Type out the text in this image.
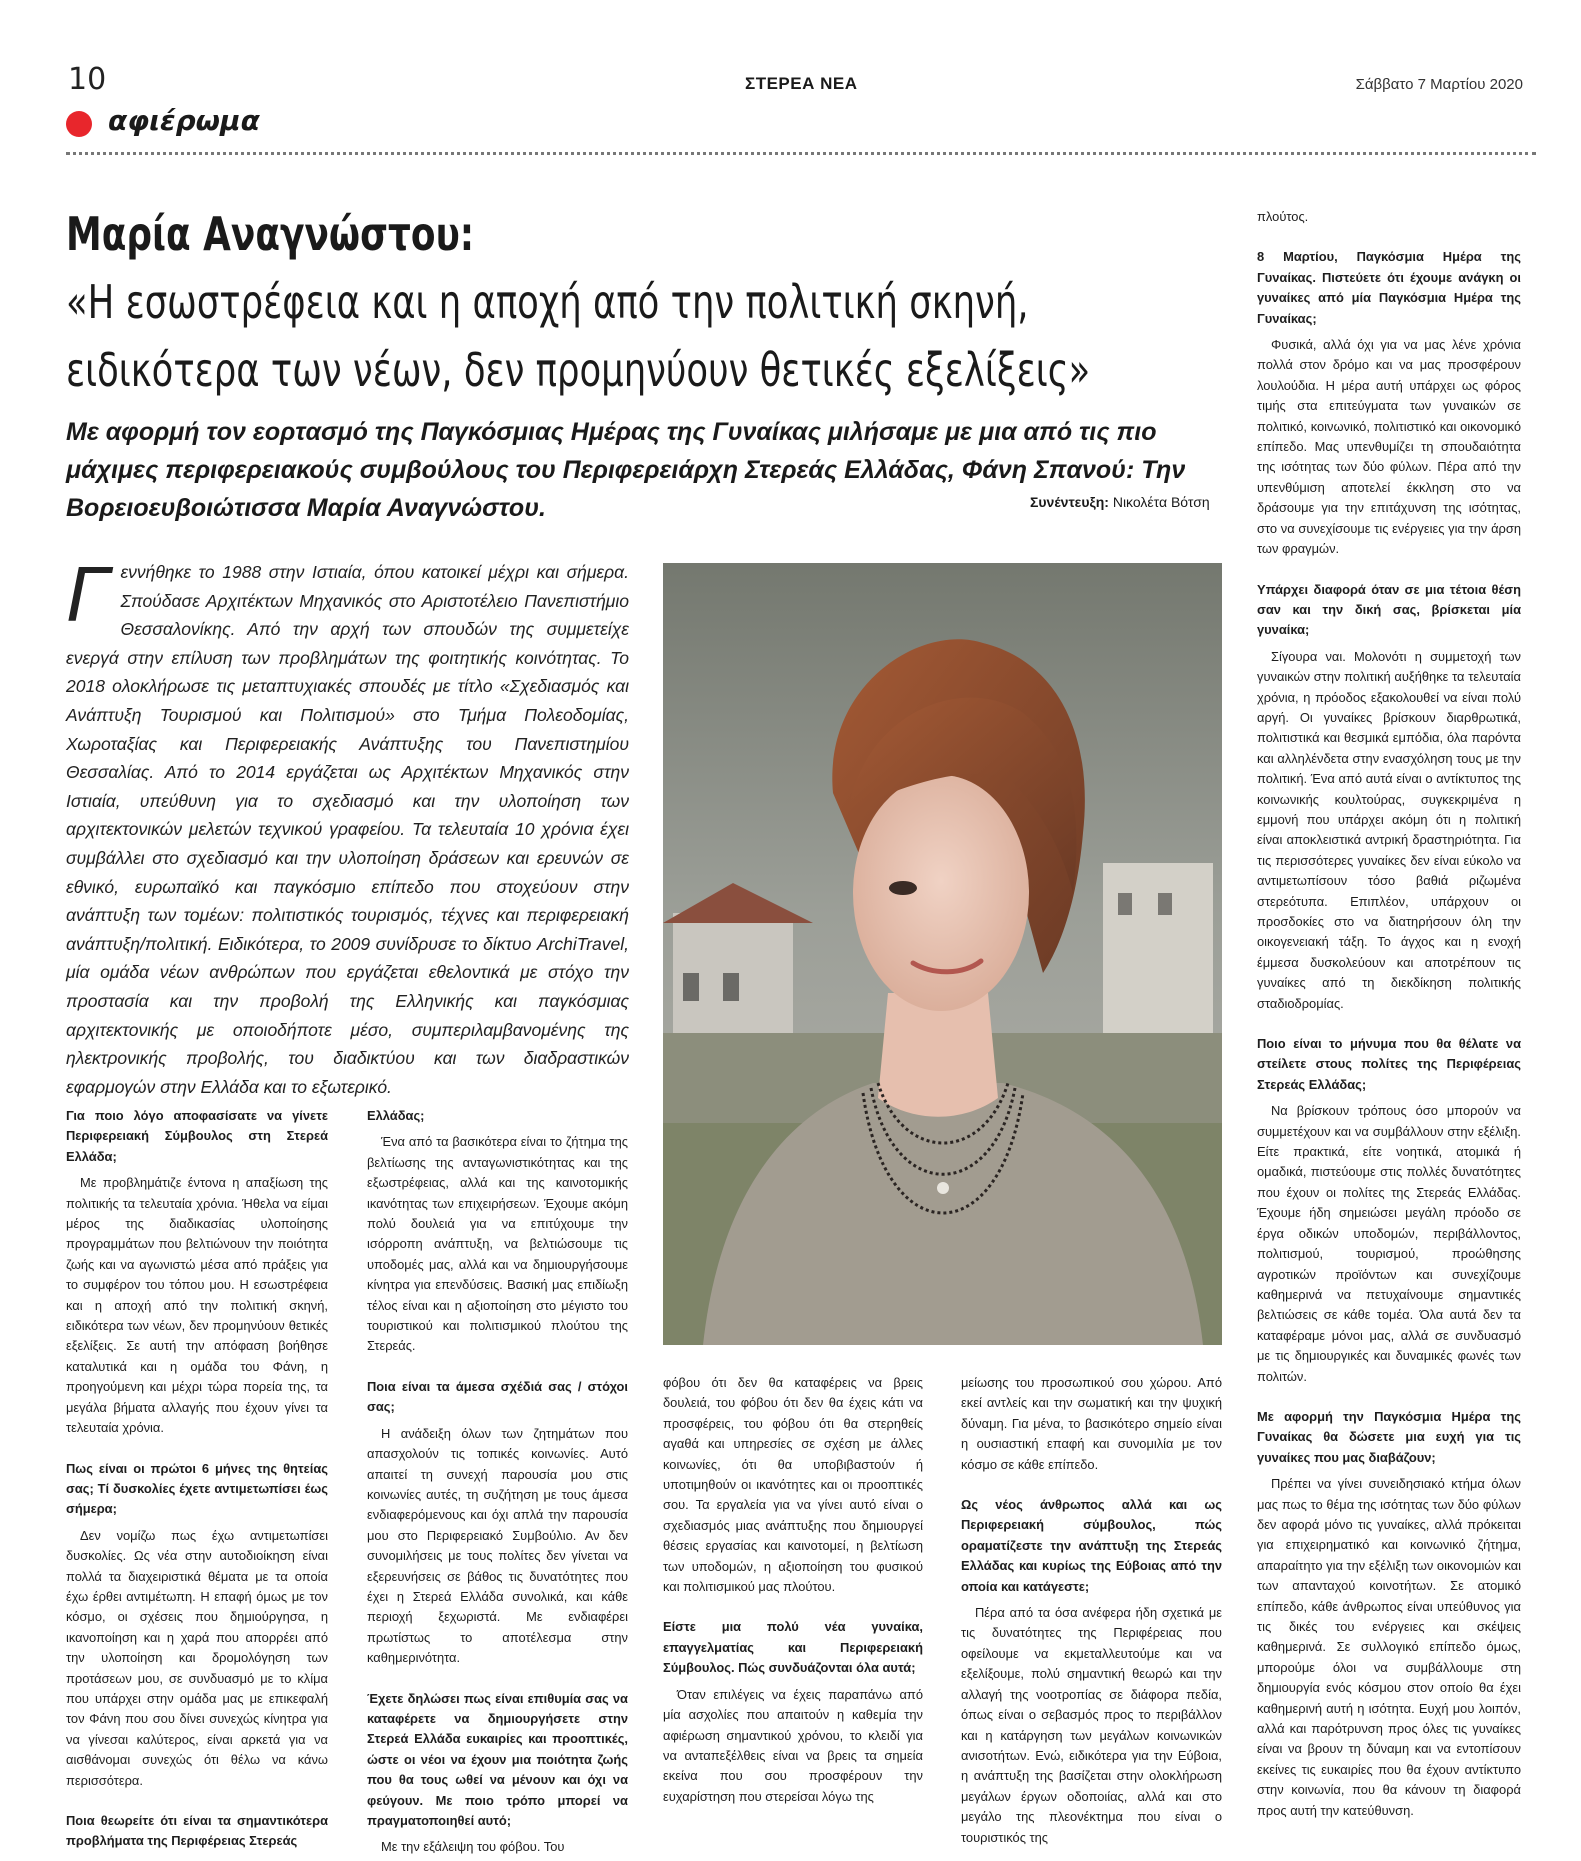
10	ΣΤΕΡΕΑ ΝΕΑ	Σάββατο 7 Μαρτίου 2020
αφιέρωμα
Μαρία Αναγνώστου:
«Η εσωστρέφεια και η αποχή από την πολιτική σκηνή,
ειδικότερα των νέων, δεν προμηνύουν θετικές εξελίξεις»
Με αφορμή τον εορτασμό της Παγκόσμιας Ημέρας της Γυναίκας μιλήσαμε με μια από τις πιο μάχιμες περιφερειακούς συμβούλους του Περιφερειάρχη Στερεάς Ελλάδας, Φάνη Σπανού: Την Βορειοευβοιώτισσα Μαρία Αναγνώστου.	Συνέντευξη: Νικολέτα Βότση
Γ εννήθηκε το 1988 στην Ιστιαία, όπου κατοικεί μέχρι και σήμερα. Σπούδασε Αρχιτέκτων Μηχανικός στο Αριστοτέλειο Πανεπιστήμιο Θεσσαλονίκης. Από την αρχή των σπουδών της συμμετείχε ενεργά στην επίλυση των προβλημάτων της φοιτητικής κοινότητας. Το 2018 ολοκλήρωσε τις μεταπτυχιακές σπουδές με τίτλο «Σχεδιασμός και Ανάπτυξη Τουρισμού και Πολιτισμού» στο Τμήμα Πολεοδομίας, Χωροταξίας και Περιφερειακής Ανάπτυξης του Πανεπιστημίου Θεσσαλίας. Από το 2014 εργάζεται ως Αρχιτέκτων Μηχανικός στην Ιστιαία, υπεύθυνη για το σχεδιασμό και την υλοποίηση των αρχιτεκτονικών μελετών τεχνικού γραφείου. Τα τελευταία 10 χρόνια έχει συμβάλλει στο σχεδιασμό και την υλοποίηση δράσεων και ερευνών σε εθνικό, ευρωπαϊκό και παγκόσμιο επίπεδο που στοχεύουν στην ανάπτυξη των τομέων: πολιτιστικός τουρισμός, τέχνες και περιφερειακή ανάπτυξη/πολιτική. Ειδικότερα, το 2009 συνίδρυσε το δίκτυο ArchiTravel, μία ομάδα νέων ανθρώπων που εργάζεται εθελοντικά με στόχο την προστασία και την προβολή της Ελληνικής και παγκόσμιας αρχιτεκτονικής με οποιοδήποτε μέσο, συμπεριλαμβανομένης της ηλεκτρονικής προβολής, του διαδικτύου και των διαδραστικών εφαρμογών στην Ελλάδα και το εξωτερικό.

Για ποιο λόγο αποφασίσατε να γίνετε Περιφερειακή Σύμβουλος στη Στερεά Ελλάδα;

Με προβλημάτιζε έντονα η απαξίωση της πολιτικής τα τελευταία χρόνια. Ήθελα να είμαι μέρος της διαδικασίας υλοποίησης προγραμμάτων που βελτιώνουν την ποιότητα ζωής και να αγωνιστώ μέσα από πράξεις για το συμφέρον του τόπου μου. Η εσωστρέφεια και η αποχή από την πολιτική σκηνή, ειδικότερα των νέων, δεν προμηνύουν θετικές εξελίξεις. Σε αυτή την απόφαση βοήθησε καταλυτικά και η ομάδα του Φάνη, η προηγούμενη και μέχρι τώρα πορεία της, τα μεγάλα βήματα αλλαγής που έχουν γίνει τα τελευταία χρόνια.

Πως είναι οι πρώτοι 6 μήνες της θητείας σας; Τί δυσκολίες έχετε αντιμετωπίσει έως σήμερα;

Δεν νομίζω πως έχω αντιμετωπίσει δυσκολίες. Ως νέα στην αυτοδιοίκηση είναι πολλά τα διαχειριστικά θέματα με τα οποία έχω έρθει αντιμέτωπη. Η επαφή όμως με τον κόσμο, οι σχέσεις που δημιούργησα, η ικανοποίηση και η χαρά που απορρέει από την υλοποίηση και δρομολόγηση των προτάσεων μου, σε συνδυασμό με το κλίμα που υπάρχει στην ομάδα μας με επικεφαλή τον Φάνη που σου δίνει συνεχώς κίνητρα για να γίνεσαι καλύτερος, είναι αρκετά για να αισθάνομαι συνεχώς ότι θέλω να κάνω περισσότερα.

Ποια θεωρείτε ότι είναι τα σημαντικότερα προβλήματα της Περιφέρειας Στερεάς

Ελλάδας;

Ένα από τα βασικότερα είναι το ζήτημα της βελτίωσης της ανταγωνιστικότητας και της εξωστρέφειας, αλλά και της καινοτομικής ικανότητας των επιχειρήσεων. Έχουμε ακόμη πολύ δουλειά για να επιτύχουμε την ισόρροπη ανάπτυξη, να βελτιώσουμε τις υποδομές μας, αλλά και να δημιουργήσουμε κίνητρα για επενδύσεις. Βασική μας επιδίωξη τέλος είναι και η αξιοποίηση στο μέγιστο του τουριστικού και πολιτισμικού πλούτου της Στερεάς.

Ποια είναι τα άμεσα σχέδιά σας / στόχοι σας;

Η ανάδειξη όλων των ζητημάτων που απασχολούν τις τοπικές κοινωνίες. Αυτό απαιτεί τη συνεχή παρουσία μου στις κοινωνίες αυτές, τη συζήτηση με τους άμεσα ενδιαφερόμενους και όχι απλά την παρουσία μου στο Περιφερειακό Συμβούλιο. Αν δεν συνομιλήσεις με τους πολίτες δεν γίνεται να εξερευνήσεις σε βάθος τις δυνατότητες που έχει η Στερεά Ελλάδα συνολικά, και κάθε περιοχή ξεχωριστά. Με ενδιαφέρει πρωτίστως το αποτέλεσμα στην καθημερινότητα.

Έχετε δηλώσει πως είναι επιθυμία σας να καταφέρετε να δημιουργήσετε στην Στερεά Ελλάδα ευκαιρίες και προοπτικές, ώστε οι νέοι να έχουν μια ποιότητα ζωής που θα τους ωθεί να μένουν και όχι να φεύγουν. Με ποιο τρόπο μπορεί να πραγματοποιηθεί αυτό;

Με την εξάλειψη του φόβου. Του

φόβου ότι δεν θα καταφέρεις να βρεις δουλειά, του φόβου ότι δεν θα έχεις κάτι να προσφέρεις, του φόβου ότι θα στερηθείς αγαθά και υπηρεσίες σε σχέση με άλλες κοινωνίες, ότι θα υποβιβαστούν ή υποτιμηθούν οι ικανότητες και οι προοπτικές σου. Τα εργαλεία για να γίνει αυτό είναι ο σχεδιασμός μιας ανάπτυξης που δημιουργεί θέσεις εργασίας και καινοτομεί, η βελτίωση των υποδομών, η αξιοποίηση του φυσικού και πολιτισμικού μας πλούτου.

Είστε μια πολύ νέα γυναίκα, επαγγελματίας και Περιφερειακή Σύμβουλος. Πώς συνδυάζονται όλα αυτά;

Όταν επιλέγεις να έχεις παραπάνω από μία ασχολίες που απαιτούν η καθεμία την αφιέρωση σημαντικού χρόνου, το κλειδί για να ανταπεξέλθεις είναι να βρεις τα σημεία εκείνα που σου προσφέρουν την ευχαρίστηση που στερείσαι λόγω της

μείωσης του προσωπικού σου χώρου. Από εκεί αντλείς και την σωματική και την ψυχική δύναμη. Για μένα, το βασικότερο σημείο είναι η ουσιαστική επαφή και συνομιλία με τον κόσμο σε κάθε επίπεδο.

Ως νέος άνθρωπος αλλά και ως Περιφερειακή σύμβουλος, πώς οραματίζεστε την ανάπτυξη της Στερεάς Ελλάδας και κυρίως της Εύβοιας από την οποία και κατάγεστε;

Πέρα από τα όσα ανέφερα ήδη σχετικά με τις δυνατότητες της Περιφέρειας που οφείλουμε να εκμεταλλευτούμε και να εξελίξουμε, πολύ σημαντική θεωρώ και την αλλαγή της νοοτροπίας σε διάφορα πεδία, όπως είναι ο σεβασμός προς το περιβάλλον και η κατάργηση των μεγάλων κοινωνικών ανισοτήτων. Ενώ, ειδικότερα για την Εύβοια, η ανάπτυξη της βασίζεται στην ολοκλήρωση μεγάλων έργων οδοποιίας, αλλά και στο μεγάλο της πλεονέκτημα που είναι ο τουριστικός της

πλούτος.

8 Μαρτίου, Παγκόσμια Ημέρα της Γυναίκας. Πιστεύετε ότι έχουμε ανάγκη οι γυναίκες από μία Παγκόσμια Ημέρα της Γυναίκας;

Φυσικά, αλλά όχι για να μας λένε χρόνια πολλά στον δρόμο και να μας προσφέρουν λουλούδια. Η μέρα αυτή υπάρχει ως φόρος τιμής στα επιτεύγματα των γυναικών σε πολιτικό, κοινωνικό, πολιτιστικό και οικονομικό επίπεδο. Μας υπενθυμίζει τη σπουδαιότητα της ισότητας των δύο φύλων. Πέρα από την υπενθύμιση αποτελεί έκκληση στο να δράσουμε για την επιτάχυνση της ισότητας, στο να συνεχίσουμε τις ενέργειες για την άρση των φραγμών.

Υπάρχει διαφορά όταν σε μια τέτοια θέση σαν και την δική σας, βρίσκεται μία γυναίκα;

Σίγουρα ναι. Μολονότι η συμμετοχή των γυναικών στην πολιτική αυξήθηκε τα τελευταία χρόνια, η πρόοδος εξακολουθεί να είναι πολύ αργή. Οι γυναίκες βρίσκουν διαρθρωτικά, πολιτιστικά και θεσμικά εμπόδια, όλα παρόντα και αλληλένδετα στην ενασχόληση τους με την πολιτική. Ένα από αυτά είναι ο αντίκτυπος της κοινωνικής κουλτούρας, συγκεκριμένα η εμμονή που υπάρχει ακόμη ότι η πολιτική είναι αποκλειστικά αντρική δραστηριότητα. Για τις περισσότερες γυναίκες δεν είναι εύκολο να αντιμετωπίσουν τόσο βαθιά ριζωμένα στερεότυπα. Επιπλέον, υπάρχουν οι προσδοκίες στο να διατηρήσουν όλη την οικογενειακή τάξη. Το άγχος και η ενοχή έμμεσα δυσκολεύουν και αποτρέπουν τις γυναίκες από τη διεκδίκηση πολιτικής σταδιοδρομίας.

Ποιο είναι το μήνυμα που θα θέλατε να στείλετε στους πολίτες της Περιφέρειας Στερεάς Ελλάδας;

Να βρίσκουν τρόπους όσο μπορούν να συμμετέχουν και να συμβάλλουν στην εξέλιξη. Είτε πρακτικά, είτε νοητικά, ατομικά ή ομαδικά, πιστεύουμε στις πολλές δυνατότητες που έχουν οι πολίτες της Στερεάς Ελλάδας. Έχουμε ήδη σημειώσει μεγάλη πρόοδο σε έργα οδικών υποδομών, περιβάλλοντος, πολιτισμού, τουρισμού, προώθησης αγροτικών προϊόντων και συνεχίζουμε καθημερινά να πετυχαίνουμε σημαντικές βελτιώσεις σε κάθε τομέα. Όλα αυτά δεν τα καταφέραμε μόνοι μας, αλλά σε συνδυασμό με τις δημιουργικές και δυναμικές φωνές των πολιτών.

Με αφορμή την Παγκόσμια Ημέρα της Γυναίκας θα δώσετε μια ευχή για τις γυναίκες που μας διαβάζουν;

Πρέπει να γίνει συνειδησιακό κτήμα όλων μας πως το θέμα της ισότητας των δύο φύλων δεν αφορά μόνο τις γυναίκες, αλλά πρόκειται για επιχειρηματικό και κοινωνικό ζήτημα, απαραίτητο για την εξέλιξη των οικονομιών και των απανταχού κοινοτήτων. Σε ατομικό επίπεδο, κάθε άνθρωπος είναι υπεύθυνος για τις δικές του ενέργειες και σκέψεις καθημερινά. Σε συλλογικό επίπεδο όμως, μπορούμε όλοι να συμβάλλουμε στη δημιουργία ενός κόσμου στον οποίο θα έχει καθημερινή αυτή η ισότητα. Ευχή μου λοιπόν, αλλά και παρότρυνση προς όλες τις γυναίκες είναι να βρουν τη δύναμη και να εντοπίσουν εκείνες τις ευκαιρίες που θα έχουν αντίκτυπο στην κοινωνία, που θα κάνουν τη διαφορά προς αυτή την κατεύθυνση.
